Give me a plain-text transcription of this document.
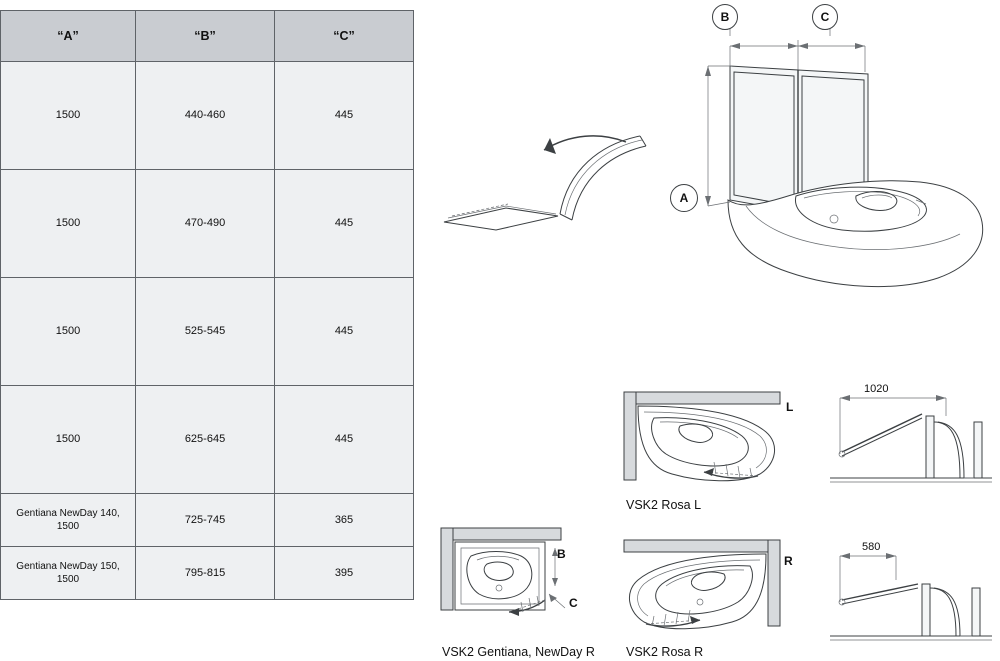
“A”	“B”	“C”
1500	440-460	445
1500	470-490	445
1500	525-545	445
1500	625-645	445
Gentiana NewDay 140, 1500	725-745	365
Gentiana NewDay 150, 1500	795-815	395
B	C
A
L
VSK2 Rosa L
B
C
VSK2 Gentiana, NewDay R
R
VSK2 Rosa R
1020
580
